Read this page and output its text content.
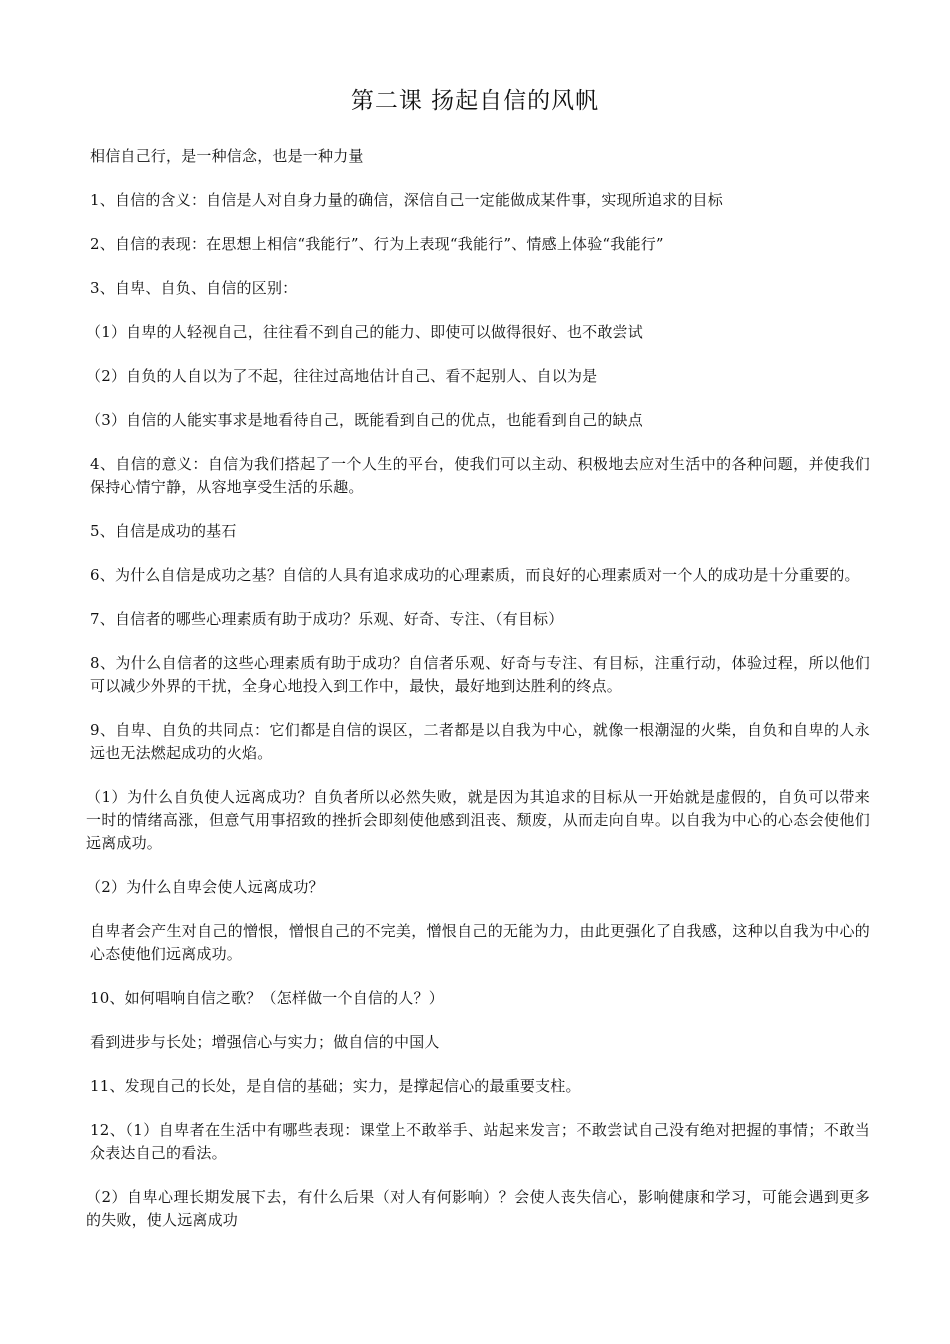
第二课 扬起自信的风帆

相信自己行，是一种信念，也是一种力量

1、自信的含义：自信是人对自身力量的确信，深信自己一定能做成某件事，实现所追求的目标

2、自信的表现：在思想上相信“我能行”、行为上表现“我能行”、情感上体验“我能行”

3、自卑、自负、自信的区别：

（1）自卑的人轻视自己，往往看不到自己的能力、即使可以做得很好、也不敢尝试

（2）自负的人自以为了不起，往往过高地估计自己、看不起别人、自以为是

（3）自信的人能实事求是地看待自己，既能看到自己的优点，也能看到自己的缺点

4、自信的意义：自信为我们搭起了一个人生的平台，使我们可以主动、积极地去应对生活中的各种问题，并使我们保持心情宁静，从容地享受生活的乐趣。

5、自信是成功的基石

6、为什么自信是成功之基？自信的人具有追求成功的心理素质，而良好的心理素质对一个人的成功是十分重要的。

7、自信者的哪些心理素质有助于成功？乐观、好奇、专注、（有目标）

8、为什么自信者的这些心理素质有助于成功？自信者乐观、好奇与专注、有目标，注重行动，体验过程，所以他们可以减少外界的干扰，全身心地投入到工作中，最快，最好地到达胜利的终点。

9、自卑、自负的共同点：它们都是自信的误区，二者都是以自我为中心，就像一根潮湿的火柴，自负和自卑的人永远也无法燃起成功的火焰。

（1）为什么自负使人远离成功？自负者所以必然失败，就是因为其追求的目标从一开始就是虚假的，自负可以带来一时的情绪高涨，但意气用事招致的挫折会即刻使他感到沮丧、颓废，从而走向自卑。以自我为中心的心态会使他们远离成功。

（2）为什么自卑会使人远离成功？

自卑者会产生对自己的憎恨，憎恨自己的不完美，憎恨自己的无能为力，由此更强化了自我感，这种以自我为中心的心态使他们远离成功。

10、如何唱响自信之歌？（怎样做一个自信的人？）

看到进步与长处；增强信心与实力；做自信的中国人

11、发现自己的长处，是自信的基础；实力，是撑起信心的最重要支柱。

12、（1）自卑者在生活中有哪些表现：课堂上不敢举手、站起来发言；不敢尝试自己没有绝对把握的事情；不敢当众表达自己的看法。

（2）自卑心理长期发展下去，有什么后果（对人有何影响）？会使人丧失信心，影响健康和学习，可能会遇到更多的失败，使人远离成功
